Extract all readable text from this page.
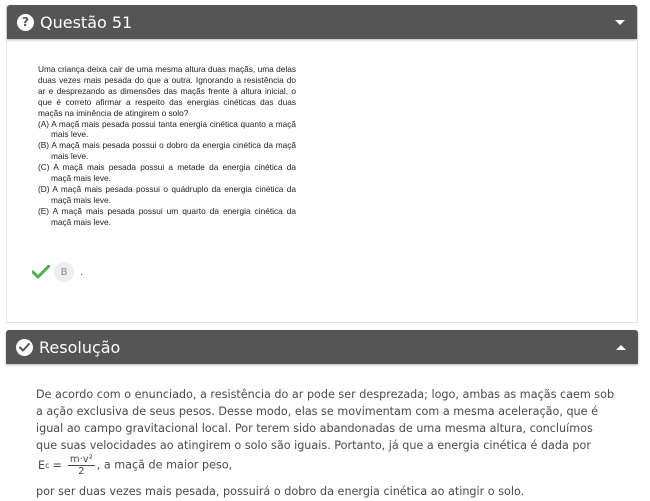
? Questão 51

Uma criança deixa cair de uma mesma altura duas maçãs, uma delas duas vezes mais pesada do que a outra. Ignorando a resistência do ar e desprezando as dimensões das maçãs frente à altura inicial, o que é correto afirmar a respeito das energias cinéticas das duas maçãs na iminência de atingirem o solo?

(A) A maçã mais pesada possui tanta energia cinética quanto a maçã mais leve.

(B) A maçã mais pesada possui o dobro da energia cinética da maçã mais leve.

(C) A maçã mais pesada possui a metade da energia cinética da maçã mais leve.

(D) A maçã mais pesada possui o quádruplo da energia cinética da maçã mais leve.

(E) A maçã mais pesada possui um quarto da energia cinética da maçã mais leve.

B	.
Resolução
De acordo com o enunciado, a resistência do ar pode ser desprezada; logo, ambas as maçãs caem sob a ação exclusiva de seus pesos. Desse modo, elas se movimentam com a mesma aceleração, que é igual ao campo gravitacional local. Por terem sido abandonadas de uma mesma altura, concluímos que suas velocidades ao atingirem o solo são iguais. Portanto, já que a energia cinética é dada por
E $c = \frac{\text{m·v²}}{2}$ , a maçã de maior peso,
por ser duas vezes mais pesada, possuirá o dobro da energia cinética ao atingir o solo.
